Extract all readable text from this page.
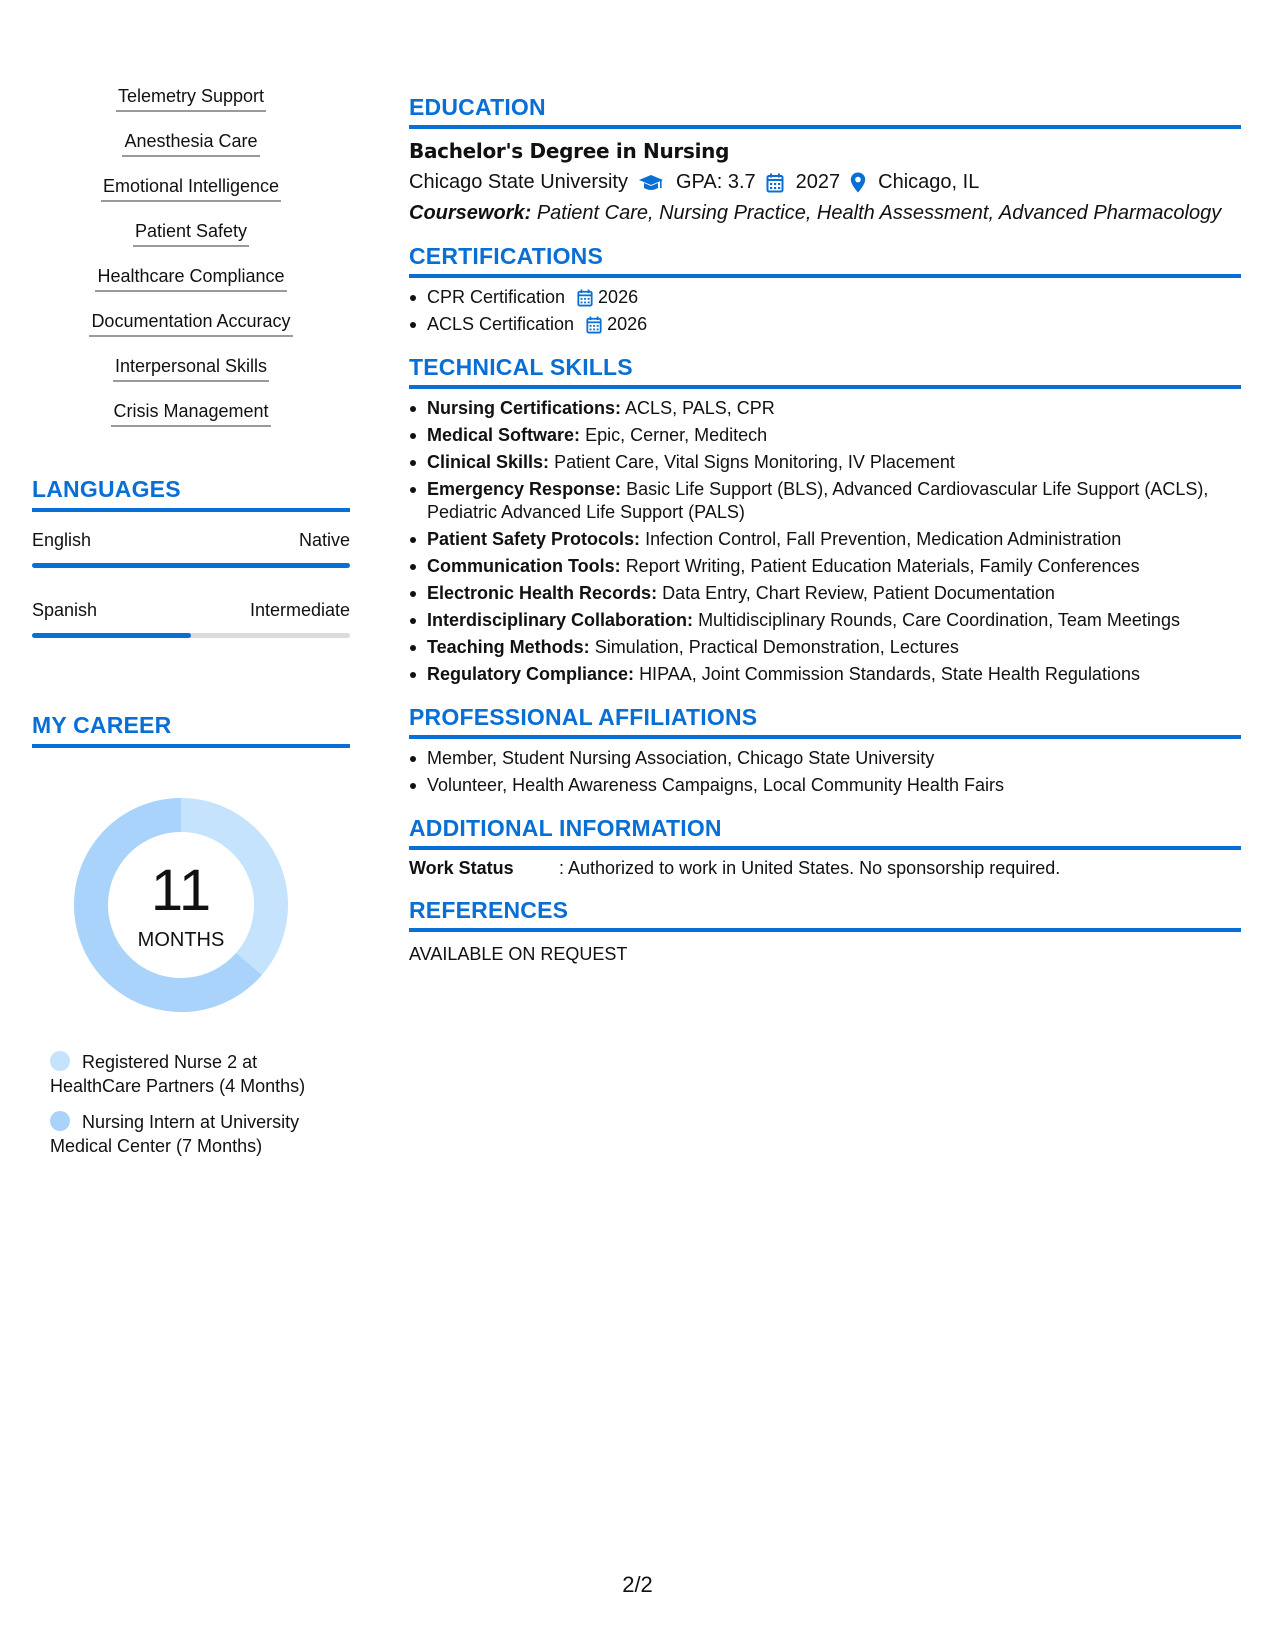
Telemetry Support
Anesthesia Care
Emotional Intelligence
Patient Safety
Healthcare Compliance
Documentation Accuracy
Interpersonal Skills
Crisis Management
LANGUAGES
English	Native
Spanish	Intermediate
MY CAREER
11
MONTHS
Registered Nurse 2 at HealthCare Partners (4 Months)
Nursing Intern at University Medical Center (7 Months)
EDUCATION
Bachelor's Degree in Nursing
Chicago State University GPA: 3.7 2027 Chicago, IL
Coursework: Patient Care, Nursing Practice, Health Assessment, Advanced Pharmacology
CERTIFICATIONS
CPR Certification 2026
ACLS Certification 2026
TECHNICAL SKILLS
Nursing Certifications: ACLS, PALS, CPR
Medical Software: Epic, Cerner, Meditech
Clinical Skills: Patient Care, Vital Signs Monitoring, IV Placement
Emergency Response: Basic Life Support (BLS), Advanced Cardiovascular Life Support (ACLS), Pediatric Advanced Life Support (PALS)
Patient Safety Protocols: Infection Control, Fall Prevention, Medication Administration
Communication Tools: Report Writing, Patient Education Materials, Family Conferences
Electronic Health Records: Data Entry, Chart Review, Patient Documentation
Interdisciplinary Collaboration: Multidisciplinary Rounds, Care Coordination, Team Meetings
Teaching Methods: Simulation, Practical Demonstration, Lectures
Regulatory Compliance: HIPAA, Joint Commission Standards, State Health Regulations
PROFESSIONAL AFFILIATIONS
Member, Student Nursing Association, Chicago State University
Volunteer, Health Awareness Campaigns, Local Community Health Fairs
ADDITIONAL INFORMATION
Work Status	: Authorized to work in United States. No sponsorship required.
REFERENCES
AVAILABLE ON REQUEST
2/2
